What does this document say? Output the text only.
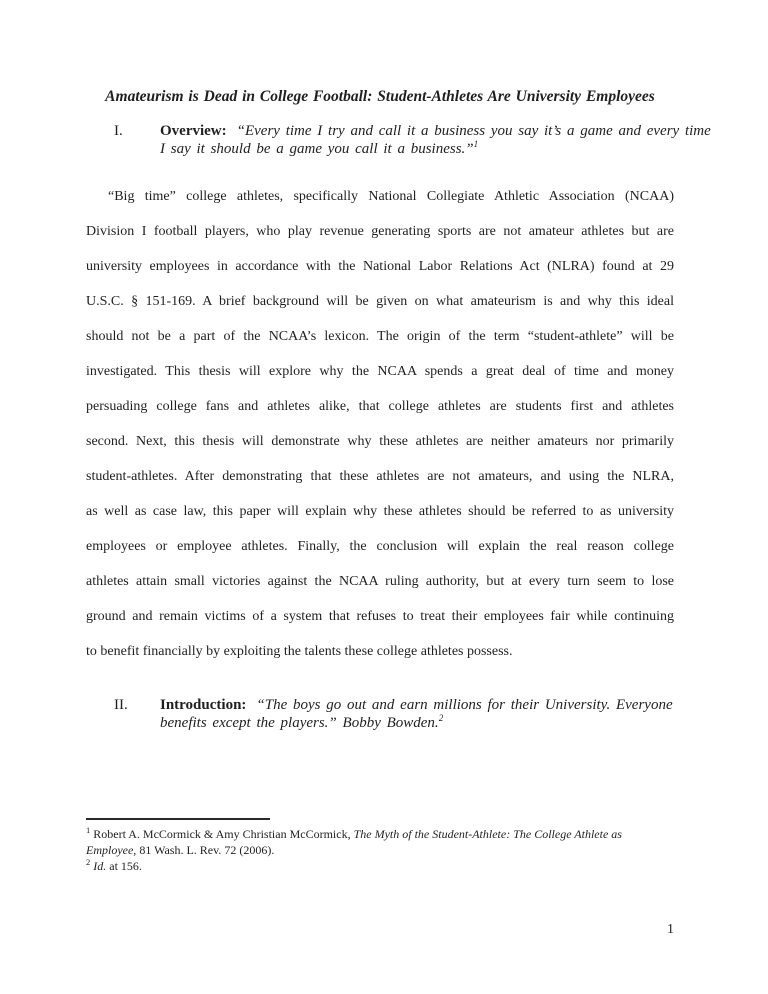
Amateurism is Dead in College Football: Student-Athletes Are University Employees
I.	Overview: “Every time I try and call it a business you say it’s a game and every time
I say it should be a game you call it a business.”$^1$
“Big time” college athletes, specifically National Collegiate Athletic Association (NCAA)
Division I football players, who play revenue generating sports are not amateur athletes but are
university employees in accordance with the National Labor Relations Act (NLRA) found at 29
U.S.C. § 151-169. A brief background will be given on what amateurism is and why this ideal
should not be a part of the NCAA’s lexicon. The origin of the term “student-athlete” will be
investigated. This thesis will explore why the NCAA spends a great deal of time and money
persuading college fans and athletes alike, that college athletes are students first and athletes
second. Next, this thesis will demonstrate why these athletes are neither amateurs nor primarily
student-athletes. After demonstrating that these athletes are not amateurs, and using the NLRA,
as well as case law, this paper will explain why these athletes should be referred to as university
employees or employee athletes. Finally, the conclusion will explain the real reason college
athletes attain small victories against the NCAA ruling authority, but at every turn seem to lose
ground and remain victims of a system that refuses to treat their employees fair while continuing
to benefit financially by exploiting the talents these college athletes possess.
II.	Introduction: “The boys go out and earn millions for their University. Everyone
benefits except the players.” Bobby Bowden.$^2$
$^1$ Robert A. McCormick & Amy Christian McCormick, The Myth of the Student-Athlete: The College Athlete as Employee, 81 Wash. L. Rev. 72 (2006).
$^2$ Id. at 156.
1
